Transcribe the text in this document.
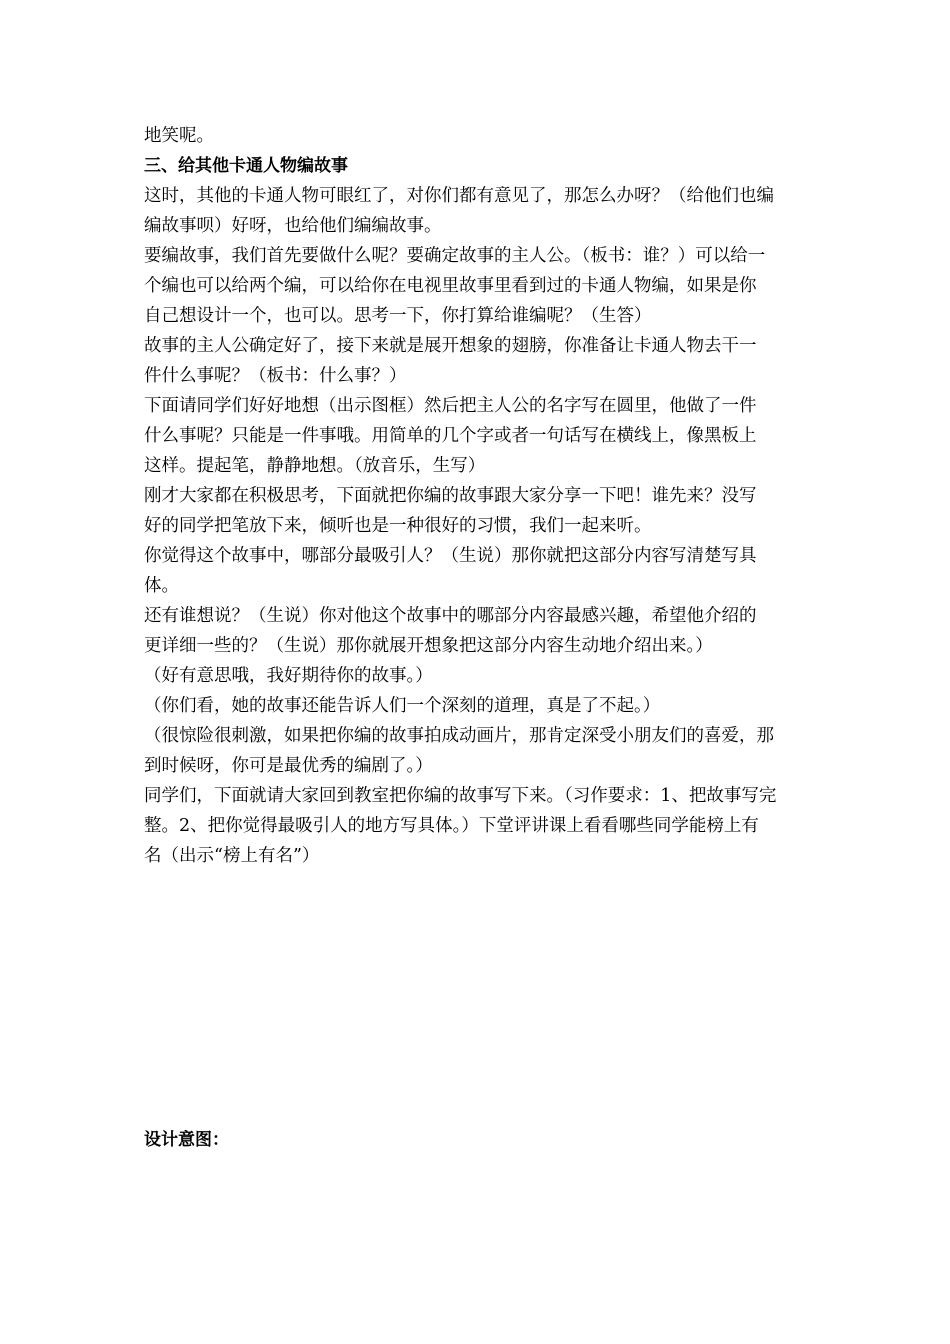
地笑呢。
三、给其他卡通人物编故事
这时，其他的卡通人物可眼红了，对你们都有意见了，那怎么办呀？（给他们也编
编故事呗）好呀，也给他们编编故事。
要编故事，我们首先要做什么呢？要确定故事的主人公。（板书：谁？）可以给一
个编也可以给两个编，可以给你在电视里故事里看到过的卡通人物编，如果是你
自己想设计一个，也可以。思考一下，你打算给谁编呢？（生答）
故事的主人公确定好了，接下来就是展开想象的翅膀，你准备让卡通人物去干一
件什么事呢？（板书：什么事？）
下面请同学们好好地想（出示图框）然后把主人公的名字写在圆里，他做了一件
什么事呢？只能是一件事哦。用简单的几个字或者一句话写在横线上，像黑板上
这样。提起笔，静静地想。（放音乐，生写）
刚才大家都在积极思考，下面就把你编的故事跟大家分享一下吧！谁先来？没写
好的同学把笔放下来，倾听也是一种很好的习惯，我们一起来听。
你觉得这个故事中，哪部分最吸引人？（生说）那你就把这部分内容写清楚写具
体。
还有谁想说？（生说）你对他这个故事中的哪部分内容最感兴趣，希望他介绍的
更详细一些的？（生说）那你就展开想象把这部分内容生动地介绍出来。）
（好有意思哦，我好期待你的故事。）
（你们看，她的故事还能告诉人们一个深刻的道理，真是了不起。）
（很惊险很刺激，如果把你编的故事拍成动画片，那肯定深受小朋友们的喜爱，那
到时候呀，你可是最优秀的编剧了。）
同学们，下面就请大家回到教室把你编的故事写下来。（习作要求：1、把故事写完
整。2、把你觉得最吸引人的地方写具体。）下堂评讲课上看看哪些同学能榜上有
名（出示“榜上有名”）
设计意图：
